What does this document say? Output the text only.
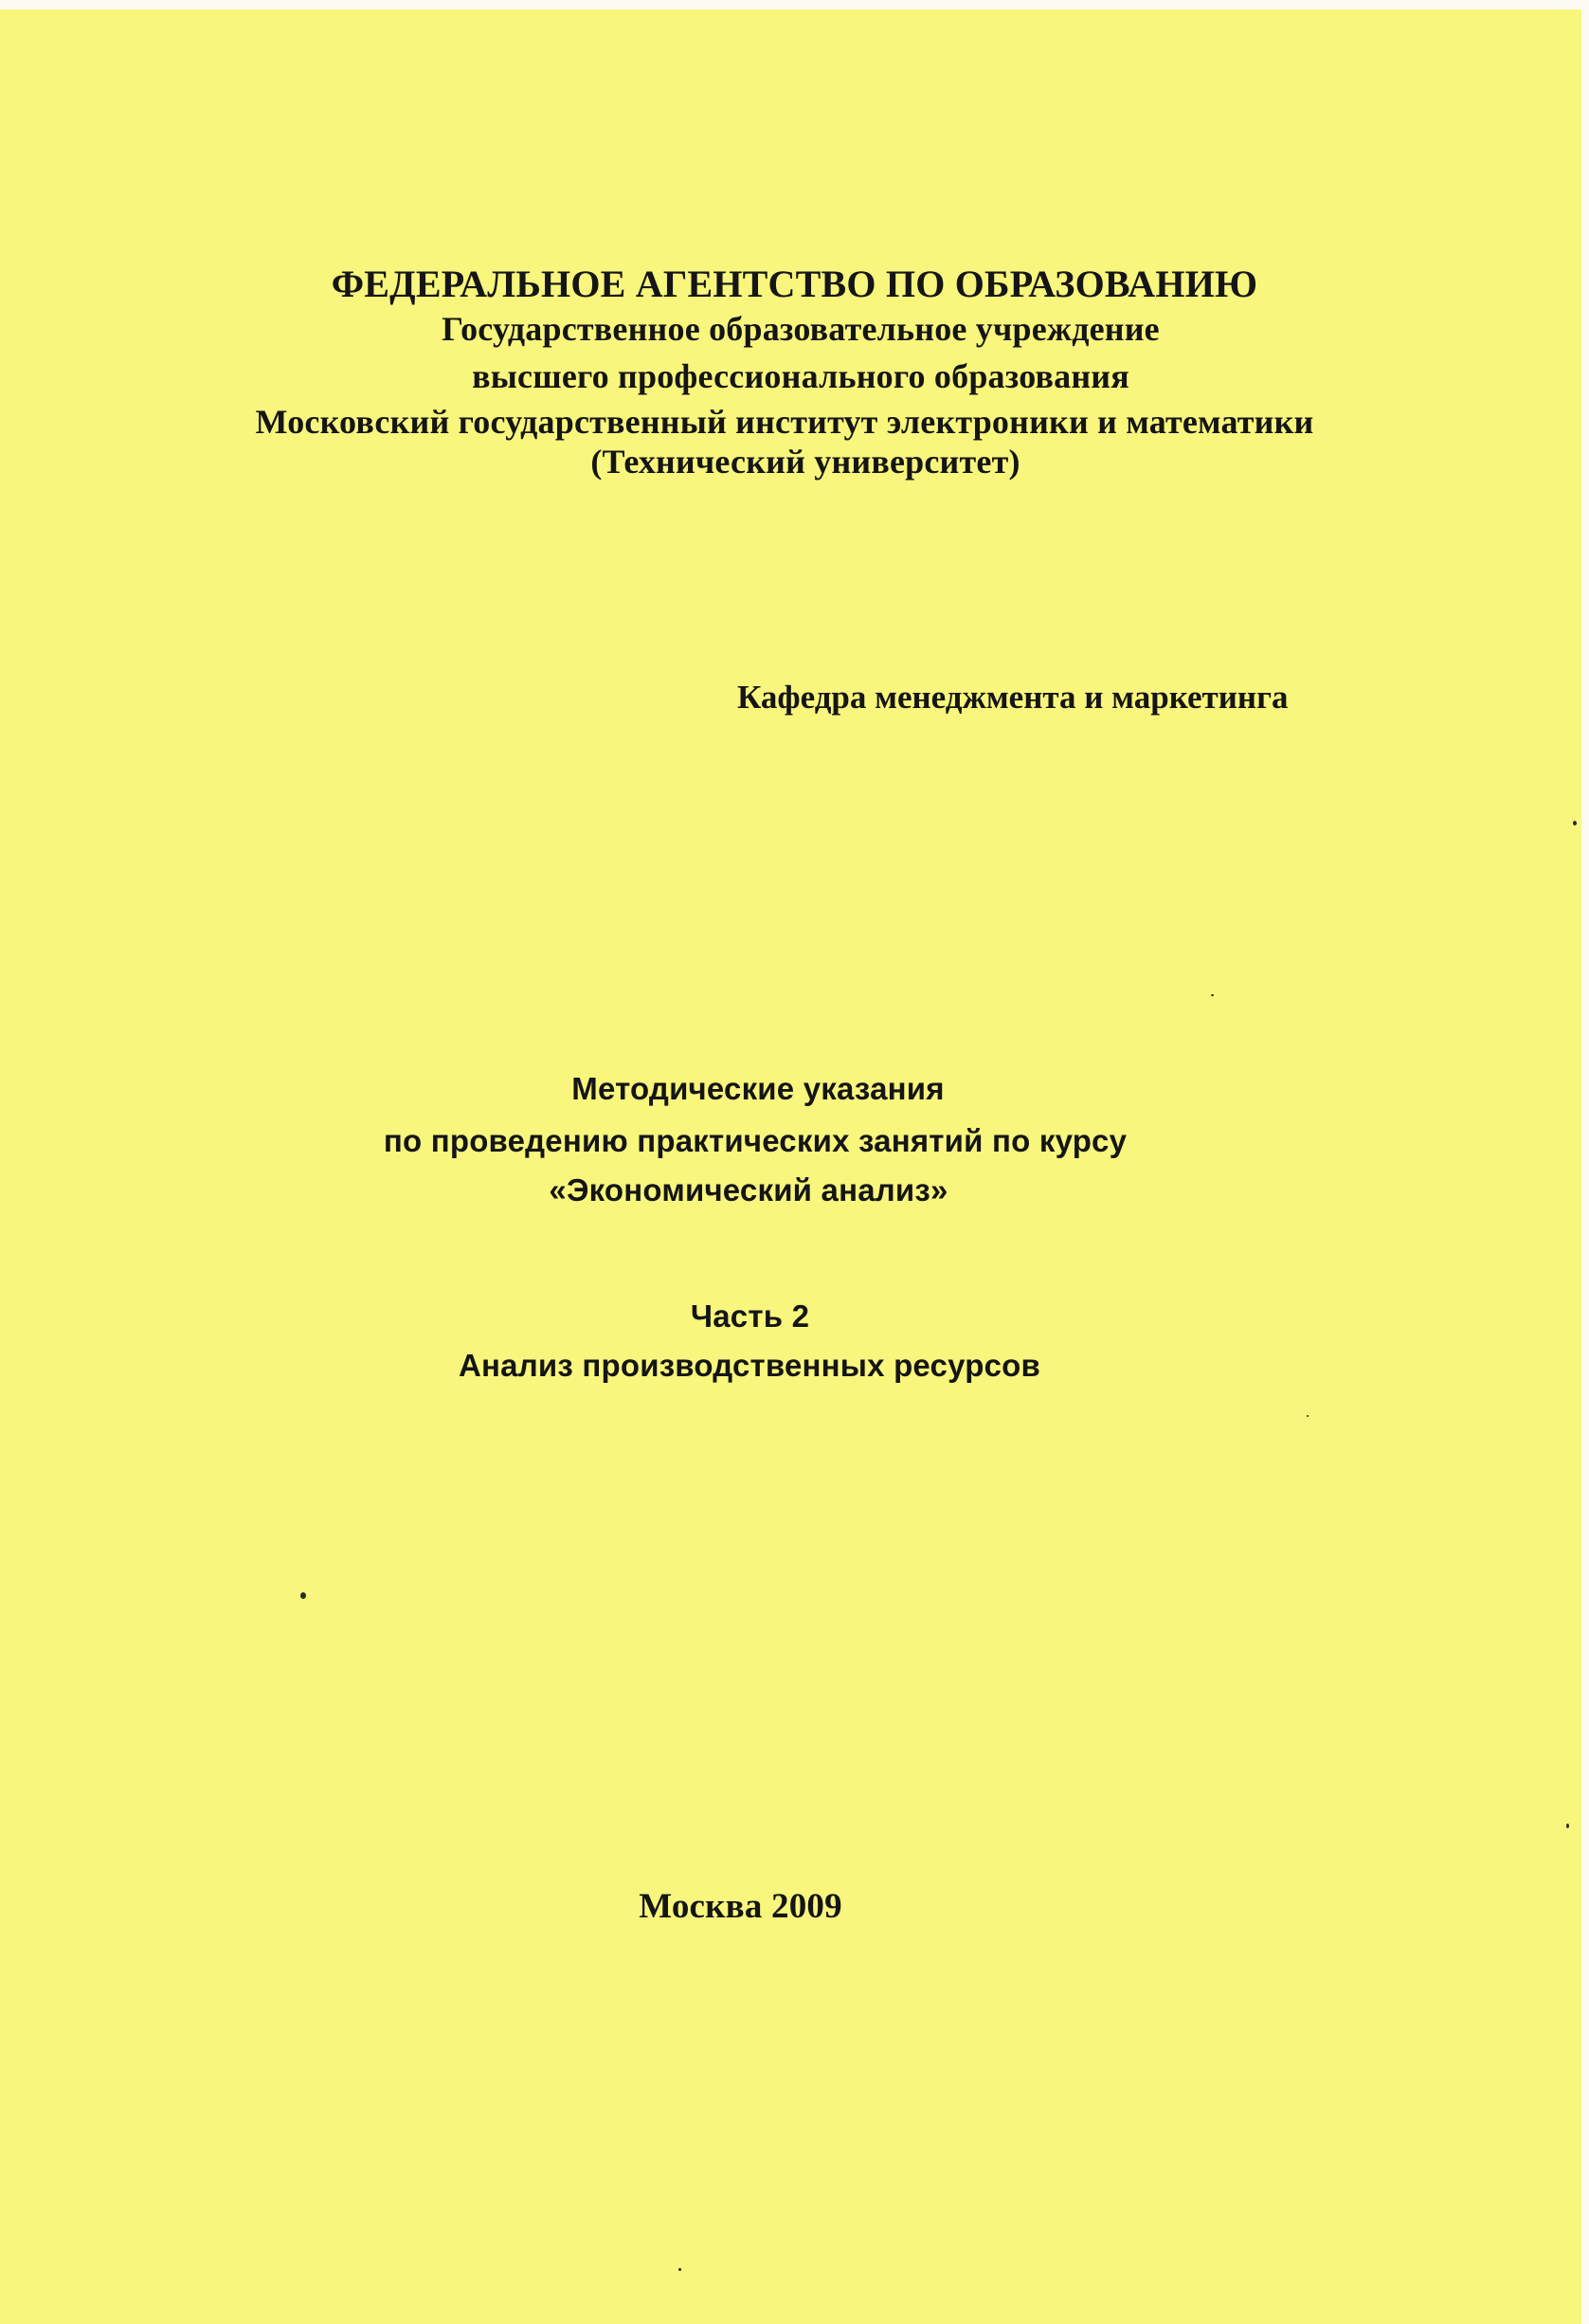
ФЕДЕРАЛЬНОЕ АГЕНТСТВО ПО ОБРАЗОВАНИЮ

Государственное образовательное учреждение

высшего профессионального образования

Московский государственный институт электроники и математики

(Технический университет)

Кафедра менеджмента и маркетинга

Методические указания

по проведению практических занятий по курсу

«Экономический анализ»

Часть 2

Анализ производственных ресурсов

Москва 2009
